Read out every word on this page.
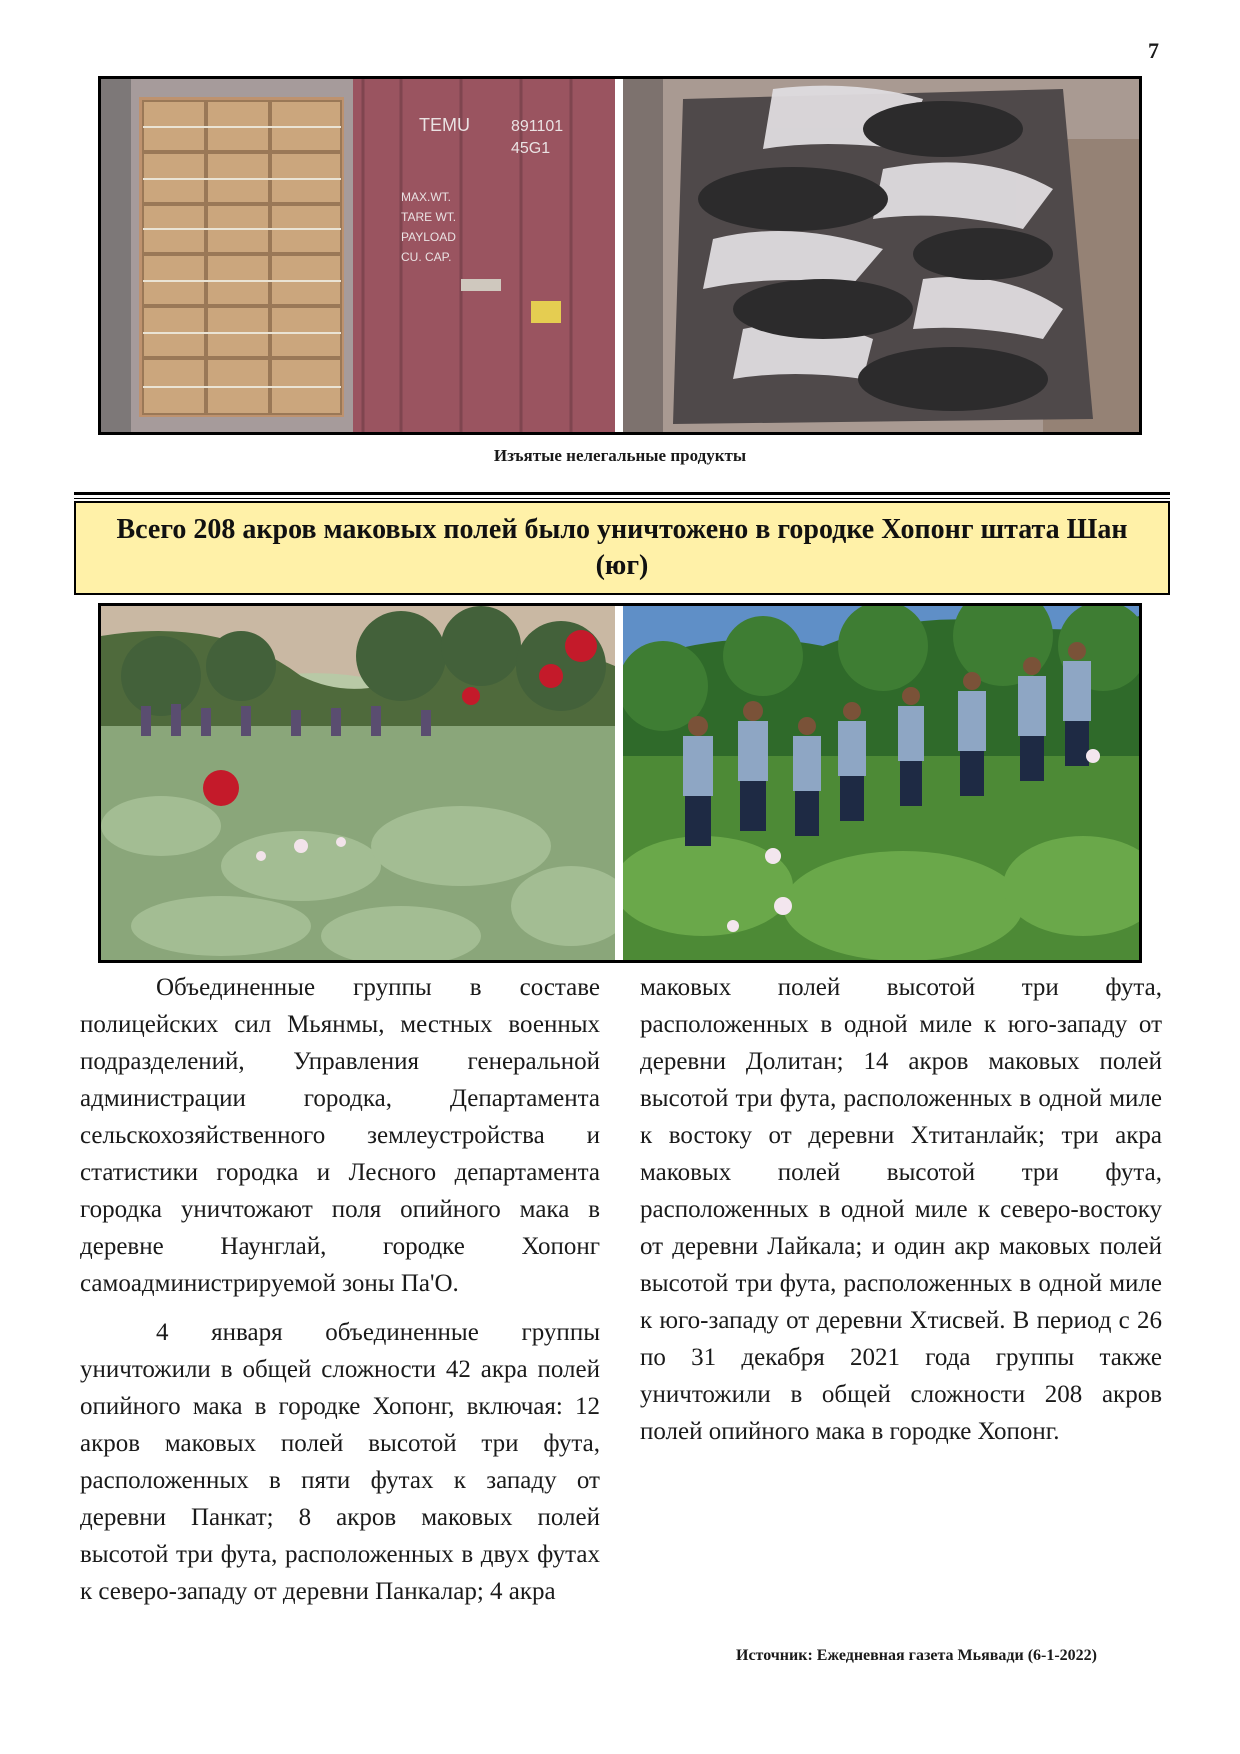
7
TEMU	891101
45G1
MAX.WT.
TARE WT.
PAYLOAD
CU. CAP.
Изъятые нелегальные продукты
Всего 208 акров маковых полей было уничтожено в городке Хопонг штата Шан (юг)

Объединенные группы в составе полицейских сил Мьянмы, местных военных подразделений, Управления генеральной администрации городка, Департамента сельскохозяйственного землеустройства и статистики городка и Лесного департамента городка уничтожают поля опийного мака в деревне Наунглай, городке Хопонг самоадминистрируемой зоны Па'О.

4 января объединенные группы уничтожили в общей сложности 42 акра полей опийного мака в городке Хопонг, включая: 12 акров маковых полей высотой три фута, расположенных в пяти футах к западу от деревни Панкат; 8 акров маковых полей высотой три фута, расположенных в двух футах к северо-западу от деревни Панкалар; 4 акра

маковых полей высотой три фута, расположенных в одной миле к юго-западу от деревни Долитан; 14 акров маковых полей высотой три фута, расположенных в одной миле к востоку от деревни Хтитанлайк; три акра маковых полей высотой три фута, расположенных в одной миле к северо-востоку от деревни Лайкала; и один акр маковых полей высотой три фута, расположенных в одной миле к юго-западу от деревни Хтисвей. В период с 26 по 31 декабря 2021 года группы также уничтожили в общей сложности 208 акров полей опийного мака в городке Хопонг.

Источник: Ежедневная газета Мьявади (6-1-2022)
